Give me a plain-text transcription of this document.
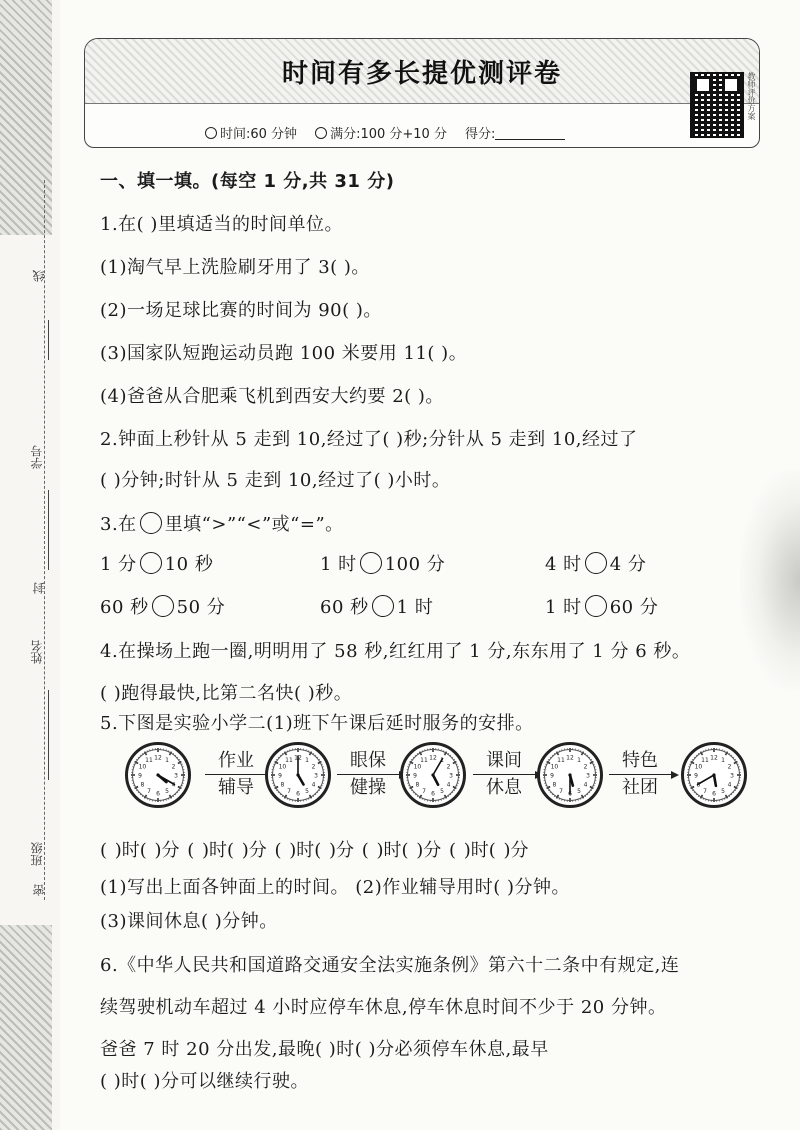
线
学号
封
姓名
班级
密
时间有多长提优测评卷
时间:60 分钟	满分:100 分+10 分 得分:
教师评价方案
一、填一填。(每空 1 分,共 31 分)
1.在( )里填适当的时间单位。
(1)淘气早上洗脸刷牙用了 3( )。
(2)一场足球比赛的时间为 90( )。
(3)国家队短跑运动员跑 100 米要用 11( )。
(4)爸爸从合肥乘飞机到西安大约要 2( )。
2.钟面上秒针从 5 走到 10,经过了( )秒;分针从 5 走到 10,经过了
( )分钟;时针从 5 走到 10,经过了( )小时。
3.在 里填“>”“<”或“=”。
1 分 10 秒	1 时 100 分	4 时 4 分
60 秒 50 分	60 秒 1 时	1 时 60 分
4.在操场上跑一圈,明明用了 58 秒,红红用了 1 分,东东用了 1 分 6 秒。
( )跑得最快,比第二名快( )秒。
5.下图是实验小学二(1)班下午课后延时服务的安排。
1
2
3
4
5
6
7
8
9
10
11 12	作业
辅导
1
2
3
4
5
6
7
8
9
10
11 12	眼保
健操
1
2
3
4
5
6
7
8
9
10
11 12	课间
休息
1
2
3
4
5
6
7
8
9
10
11 12	特色
社团
1
2
3
4
5
6
7
8
9
10
11 12
( )时( )分 ( )时( )分 ( )时( )分 ( )时( )分 ( )时( )分
(1)写出上面各钟面上的时间。 (2)作业辅导用时( )分钟。
(3)课间休息( )分钟。
6.《中华人民共和国道路交通安全法实施条例》第六十二条中有规定,连
续驾驶机动车超过 4 小时应停车休息,停车休息时间不少于 20 分钟。
爸爸 7 时 20 分出发,最晚( )时( )分必须停车休息,最早
( )时( )分可以继续行驶。
